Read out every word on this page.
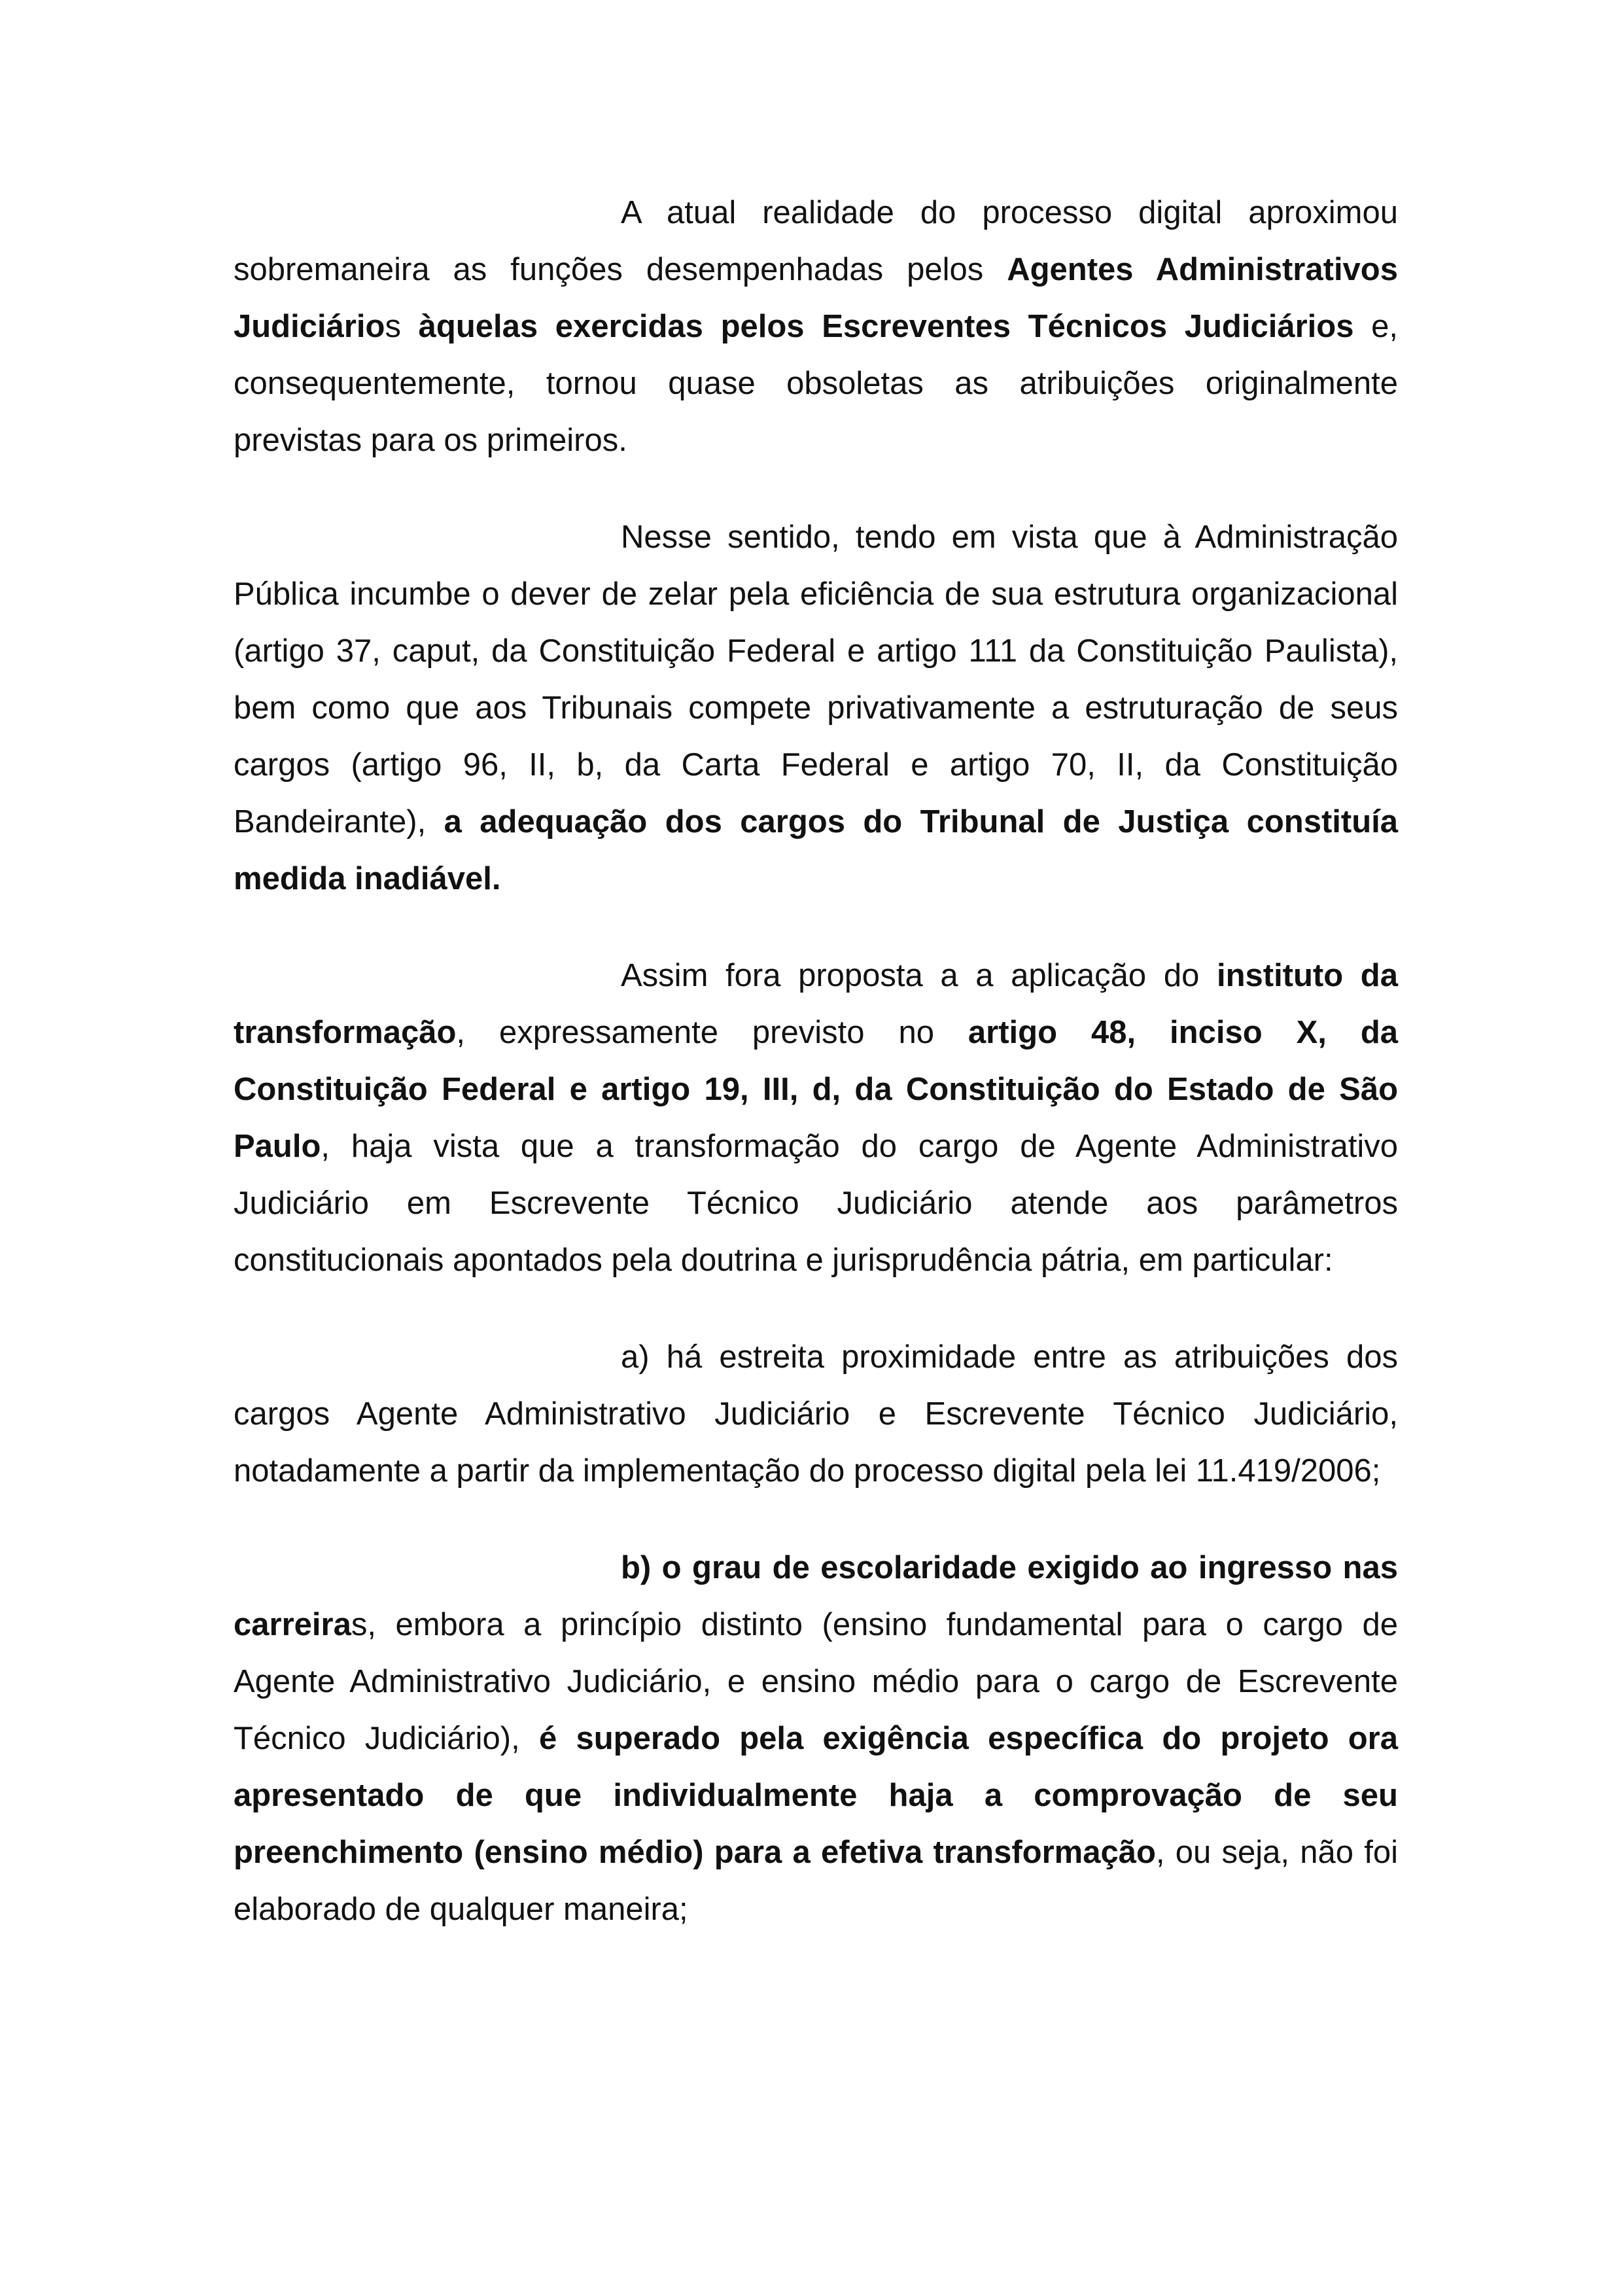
A atual realidade do processo digital aproximou sobremaneira as funções desempenhadas pelos Agentes Administrativos Judiciários àquelas exercidas pelos Escreventes Técnicos Judiciários e, consequentemente, tornou quase obsoletas as atribuições originalmente previstas para os primeiros.

Nesse sentido, tendo em vista que à Administração Pública incumbe o dever de zelar pela eficiência de sua estrutura organizacional (artigo 37, caput, da Constituição Federal e artigo 111 da Constituição Paulista), bem como que aos Tribunais compete privativamente a estruturação de seus cargos (artigo 96, II, b, da Carta Federal e artigo 70, II, da Constituição Bandeirante), a adequação dos cargos do Tribunal de Justiça constituía medida inadiável.

Assim fora proposta a a aplicação do instituto da transformação, expressamente previsto no artigo 48, inciso X, da Constituição Federal e artigo 19, III, d, da Constituição do Estado de São Paulo, haja vista que a transformação do cargo de Agente Administrativo Judiciário em Escrevente Técnico Judiciário atende aos parâmetros constitucionais apontados pela doutrina e jurisprudência pátria, em particular:

a) há estreita proximidade entre as atribuições dos cargos Agente Administrativo Judiciário e Escrevente Técnico Judiciário, notadamente a partir da implementação do processo digital pela lei 11.419/2006;

b) o grau de escolaridade exigido ao ingresso nas carreiras, embora a princípio distinto (ensino fundamental para o cargo de Agente Administrativo Judiciário, e ensino médio para o cargo de Escrevente Técnico Judiciário), é superado pela exigência específica do projeto ora apresentado de que individualmente haja a comprovação de seu preenchimento (ensino médio) para a efetiva transformação, ou seja, não foi elaborado de qualquer maneira;
